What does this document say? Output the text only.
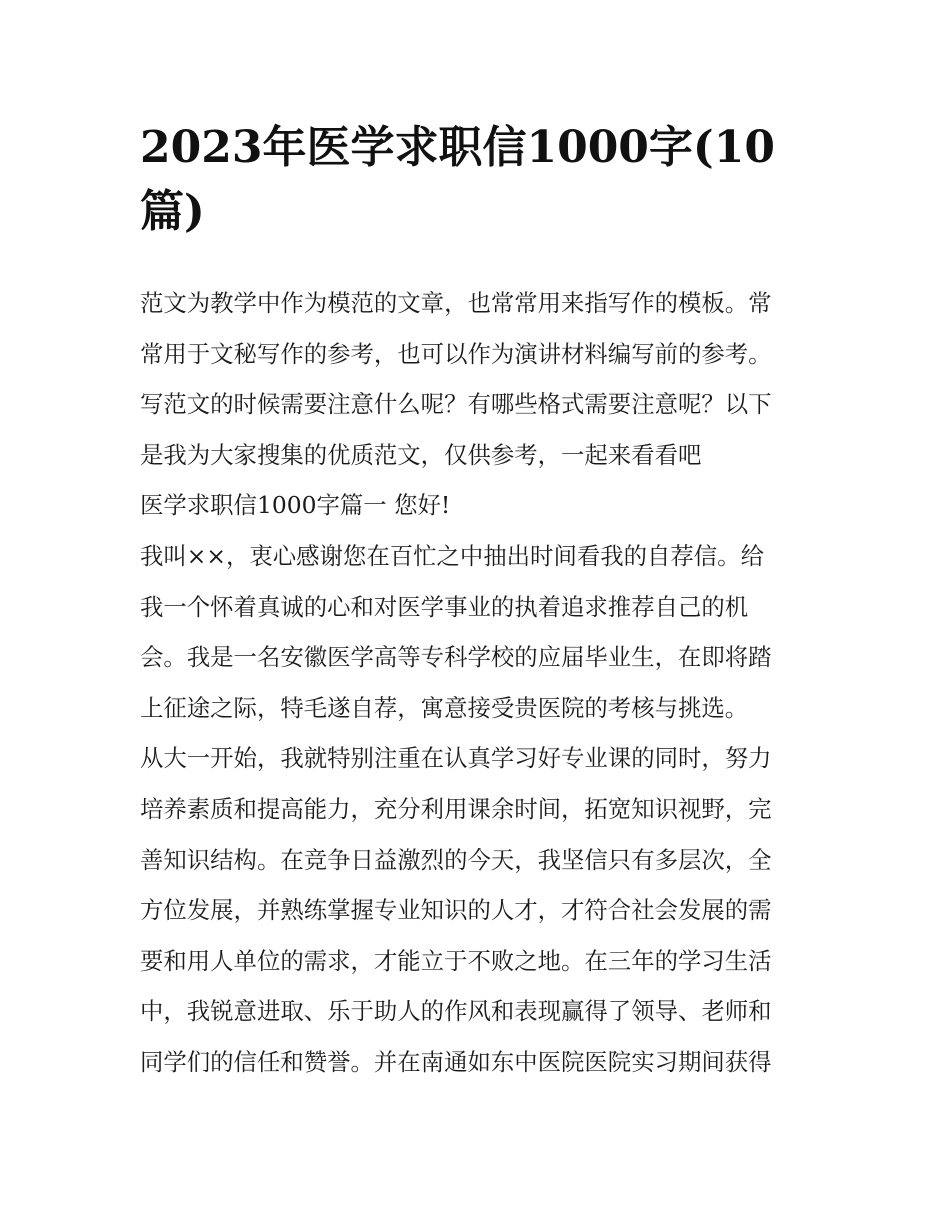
2023年医学求职信1000字(10
篇)
范文为教学中作为模范的文章，也常常用来指写作的模板。常
常用于文秘写作的参考，也可以作为演讲材料编写前的参考。
写范文的时候需要注意什么呢？有哪些格式需要注意呢？以下
是我为大家搜集的优质范文，仅供参考，一起来看看吧
医学求职信1000字篇一 您好!
我叫××，衷心感谢您在百忙之中抽出时间看我的自荐信。给
我一个怀着真诚的心和对医学事业的执着追求推荐自己的机
会。我是一名安徽医学高等专科学校的应届毕业生，在即将踏
上征途之际，特毛遂自荐，寓意接受贵医院的考核与挑选。
从大一开始，我就特别注重在认真学习好专业课的同时，努力
培养素质和提高能力，充分利用课余时间，拓宽知识视野，完
善知识结构。在竞争日益激烈的今天，我坚信只有多层次，全
方位发展，并熟练掌握专业知识的人才，才符合社会发展的需
要和用人单位的需求，才能立于不败之地。在三年的学习生活
中，我锐意进取、乐于助人的作风和表现赢得了领导、老师和
同学们的信任和赞誉。并在南通如东中医院医院实习期间获得
